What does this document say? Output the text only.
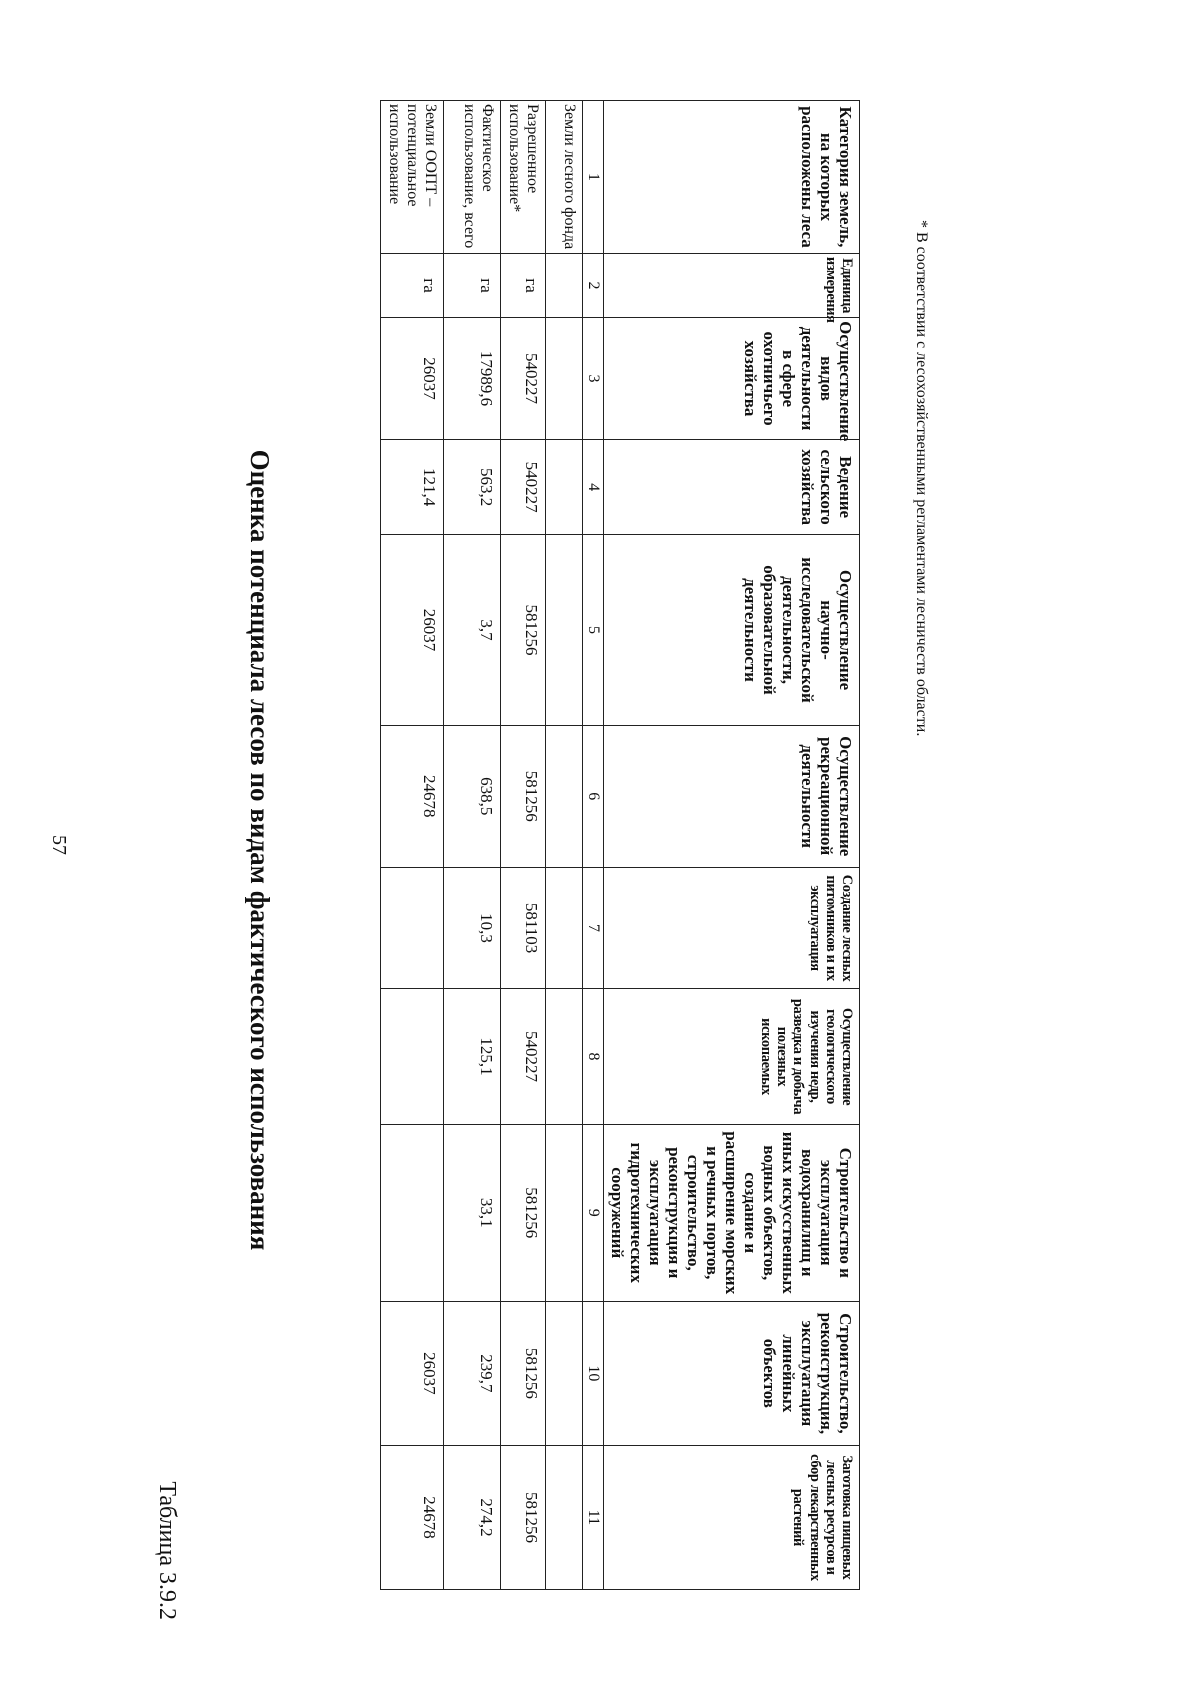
57
Таблица 3.9.2
Оценка потенциала лесов по видам фактического использования
Категория земель, на которых расположены леса	Единица измерения	Осуществление видов деятельности в сфере охотничьего хозяйства	Ведение сельского хозяйства	Осуществление научно-исследовательской деятельности, образовательной деятельности	Осуществление рекреационной деятельности	Создание лесных питомников и их эксплуатация	Осуществление геологического изучения недр, разведка и добыча полезных ископаемых	Строительство и эксплуатация водохранилищ и иных искусственных водных объектов, создание и расширение морских и речных портов, строительство, реконструкция и эксплуатация гидротехнических сооружений	Строительство, реконструкция, эксплуатация линейных объектов	Заготовка пищевых лесных ресурсов и сбор лекарственных растений
1	2	3	4	5	6	7	8	9	10	11
Земли лесного фонда										
Разрешенное использование*	га	540227	540227	581256	581256	581103	540227	581256	581256	581256
Фактическое использование, всего	га	17989,6	563,2	3,7	638,5	10,3	125,1	33,1	239,7	274,2
Земли ООПТ – потенциальное использование	га	26037	121,4	26037	24678				26037	24678
* В соответствии с лесохозяйственными регламентами лесничеств области.
